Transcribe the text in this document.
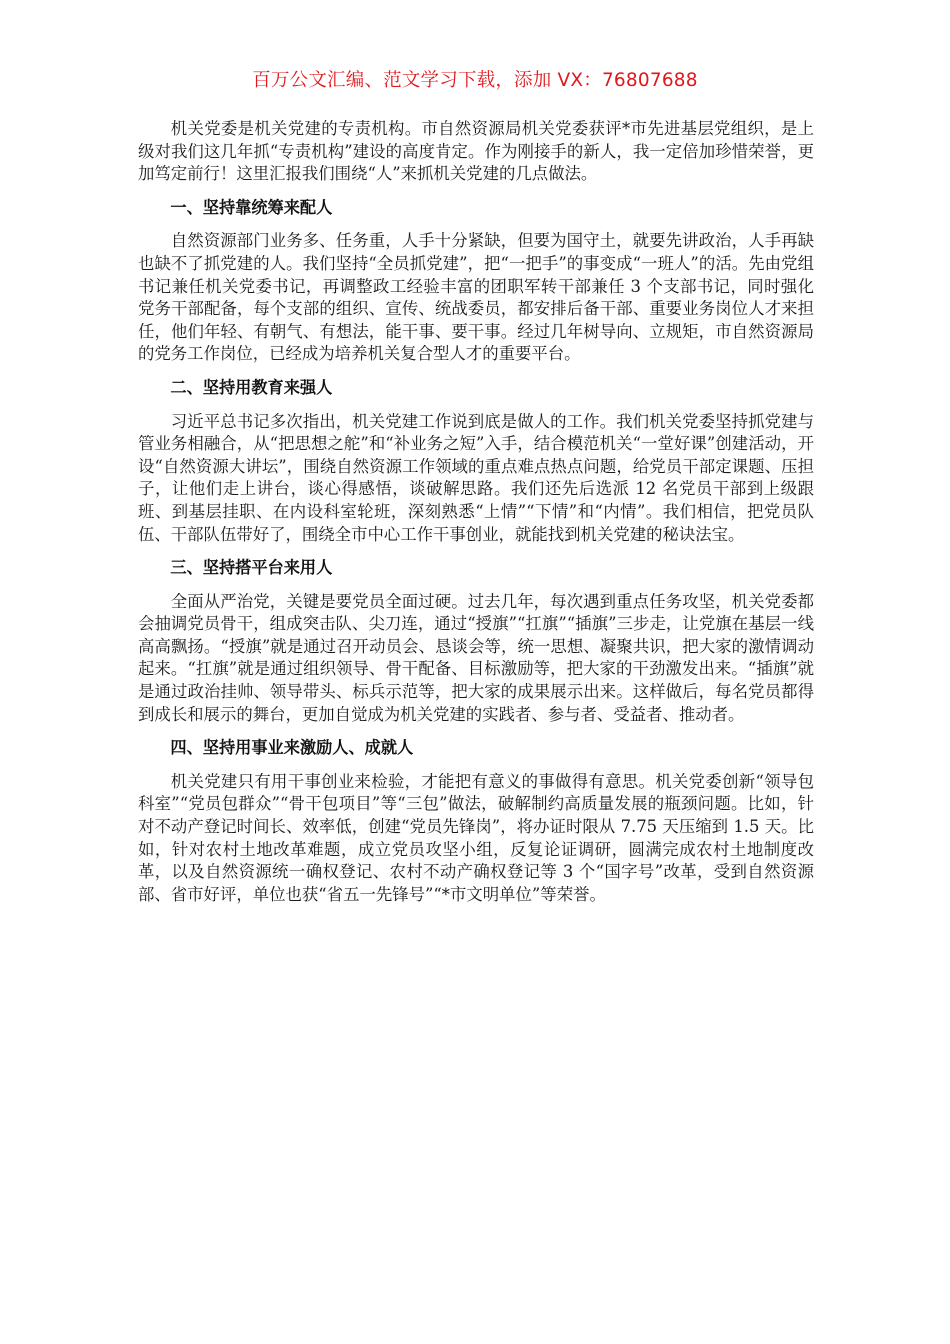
百万公文汇编、范文学习下载，添加 VX：76807688

机关党委是机关党建的专责机构。市自然资源局机关党委获评*市先进基层党组织，是上级对我们这几年抓“专责机构”建设的高度肯定。作为刚接手的新人，我一定倍加珍惜荣誉，更加笃定前行！这里汇报我们围绕“人”来抓机关党建的几点做法。

一、坚持靠统筹来配人

自然资源部门业务多、任务重，人手十分紧缺，但要为国守土，就要先讲政治，人手再缺也缺不了抓党建的人。我们坚持“全员抓党建”，把“一把手”的事变成“一班人”的活。先由党组书记兼任机关党委书记，再调整政工经验丰富的团职军转干部兼任 3 个支部书记，同时强化党务干部配备，每个支部的组织、宣传、统战委员，都安排后备干部、重要业务岗位人才来担任，他们年轻、有朝气、有想法，能干事、要干事。经过几年树导向、立规矩，市自然资源局的党务工作岗位，已经成为培养机关复合型人才的重要平台。

二、坚持用教育来强人

习近平总书记多次指出，机关党建工作说到底是做人的工作。我们机关党委坚持抓党建与管业务相融合，从“把思想之舵”和“补业务之短”入手，结合模范机关“一堂好课”创建活动，开设“自然资源大讲坛”，围绕自然资源工作领域的重点难点热点问题，给党员干部定课题、压担子，让他们走上讲台，谈心得感悟，谈破解思路。我们还先后选派 12 名党员干部到上级跟班、到基层挂职、在内设科室轮班，深刻熟悉“上情”“下情”和“内情”。我们相信，把党员队伍、干部队伍带好了，围绕全市中心工作干事创业，就能找到机关党建的秘诀法宝。

三、坚持搭平台来用人

全面从严治党，关键是要党员全面过硬。过去几年，每次遇到重点任务攻坚，机关党委都会抽调党员骨干，组成突击队、尖刀连，通过“授旗”“扛旗”“插旗”三步走，让党旗在基层一线高高飘扬。“授旗”就是通过召开动员会、恳谈会等，统一思想、凝聚共识，把大家的激情调动起来。“扛旗”就是通过组织领导、骨干配备、目标激励等，把大家的干劲激发出来。“插旗”就是通过政治挂帅、领导带头、标兵示范等，把大家的成果展示出来。这样做后，每名党员都得到成长和展示的舞台，更加自觉成为机关党建的实践者、参与者、受益者、推动者。

四、坚持用事业来激励人、成就人

机关党建只有用干事创业来检验，才能把有意义的事做得有意思。机关党委创新“领导包科室”“党员包群众”“骨干包项目”等“三包”做法，破解制约高质量发展的瓶颈问题。比如，针对不动产登记时间长、效率低，创建“党员先锋岗”，将办证时限从 7.75 天压缩到 1.5 天。比如，针对农村土地改革难题，成立党员攻坚小组，反复论证调研，圆满完成农村土地制度改革，以及自然资源统一确权登记、农村不动产确权登记等 3 个“国字号”改革，受到自然资源部、省市好评，单位也获“省五一先锋号”“*市文明单位”等荣誉。
